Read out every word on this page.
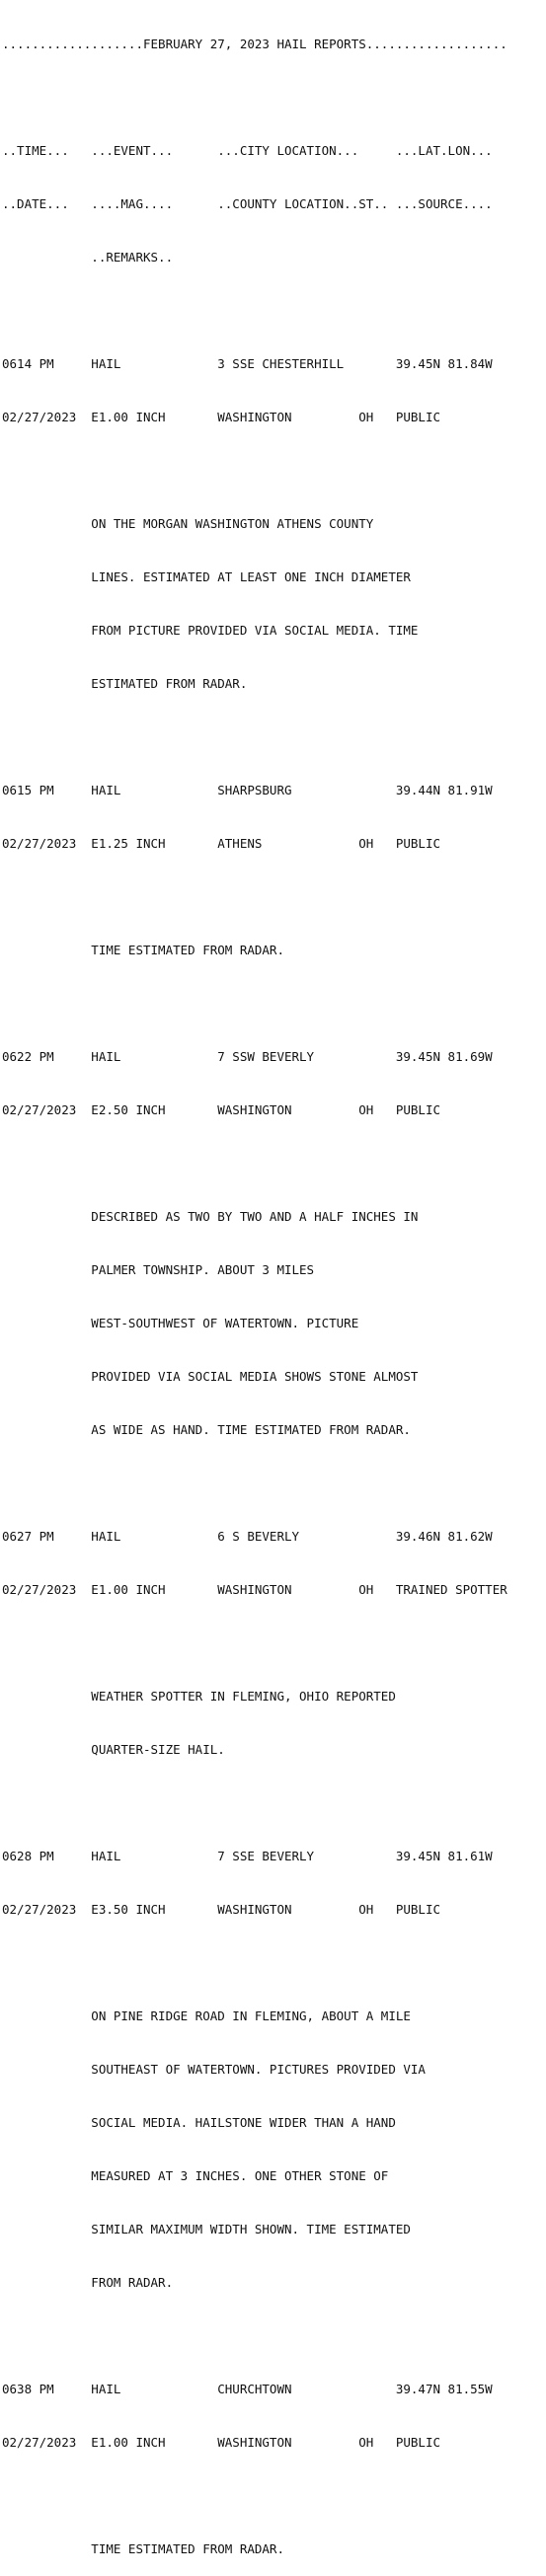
...................FEBRUARY 27, 2023 HAIL REPORTS...................

..TIME...   ...EVENT...      ...CITY LOCATION...     ...LAT.LON...

..DATE...   ....MAG....      ..COUNTY LOCATION..ST.. ...SOURCE....

..REMARKS..

0614 PM     HAIL             3 SSE CHESTERHILL       39.45N 81.84W

02/27/2023  E1.00 INCH       WASHINGTON         OH   PUBLIC

ON THE MORGAN WASHINGTON ATHENS COUNTY

LINES. ESTIMATED AT LEAST ONE INCH DIAMETER

FROM PICTURE PROVIDED VIA SOCIAL MEDIA. TIME

ESTIMATED FROM RADAR.

0615 PM     HAIL             SHARPSBURG              39.44N 81.91W

02/27/2023  E1.25 INCH       ATHENS             OH   PUBLIC

TIME ESTIMATED FROM RADAR.

0622 PM     HAIL             7 SSW BEVERLY           39.45N 81.69W

02/27/2023  E2.50 INCH       WASHINGTON         OH   PUBLIC

DESCRIBED AS TWO BY TWO AND A HALF INCHES IN

PALMER TOWNSHIP. ABOUT 3 MILES

WEST-SOUTHWEST OF WATERTOWN. PICTURE

PROVIDED VIA SOCIAL MEDIA SHOWS STONE ALMOST

AS WIDE AS HAND. TIME ESTIMATED FROM RADAR.

0627 PM     HAIL             6 S BEVERLY             39.46N 81.62W

02/27/2023  E1.00 INCH       WASHINGTON         OH   TRAINED SPOTTER

WEATHER SPOTTER IN FLEMING, OHIO REPORTED

QUARTER-SIZE HAIL.

0628 PM     HAIL             7 SSE BEVERLY           39.45N 81.61W

02/27/2023  E3.50 INCH       WASHINGTON         OH   PUBLIC

ON PINE RIDGE ROAD IN FLEMING, ABOUT A MILE

SOUTHEAST OF WATERTOWN. PICTURES PROVIDED VIA

SOCIAL MEDIA. HAILSTONE WIDER THAN A HAND

MEASURED AT 3 INCHES. ONE OTHER STONE OF

SIMILAR MAXIMUM WIDTH SHOWN. TIME ESTIMATED

FROM RADAR.

0638 PM     HAIL             CHURCHTOWN              39.47N 81.55W

02/27/2023  E1.00 INCH       WASHINGTON         OH   PUBLIC

TIME ESTIMATED FROM RADAR.
